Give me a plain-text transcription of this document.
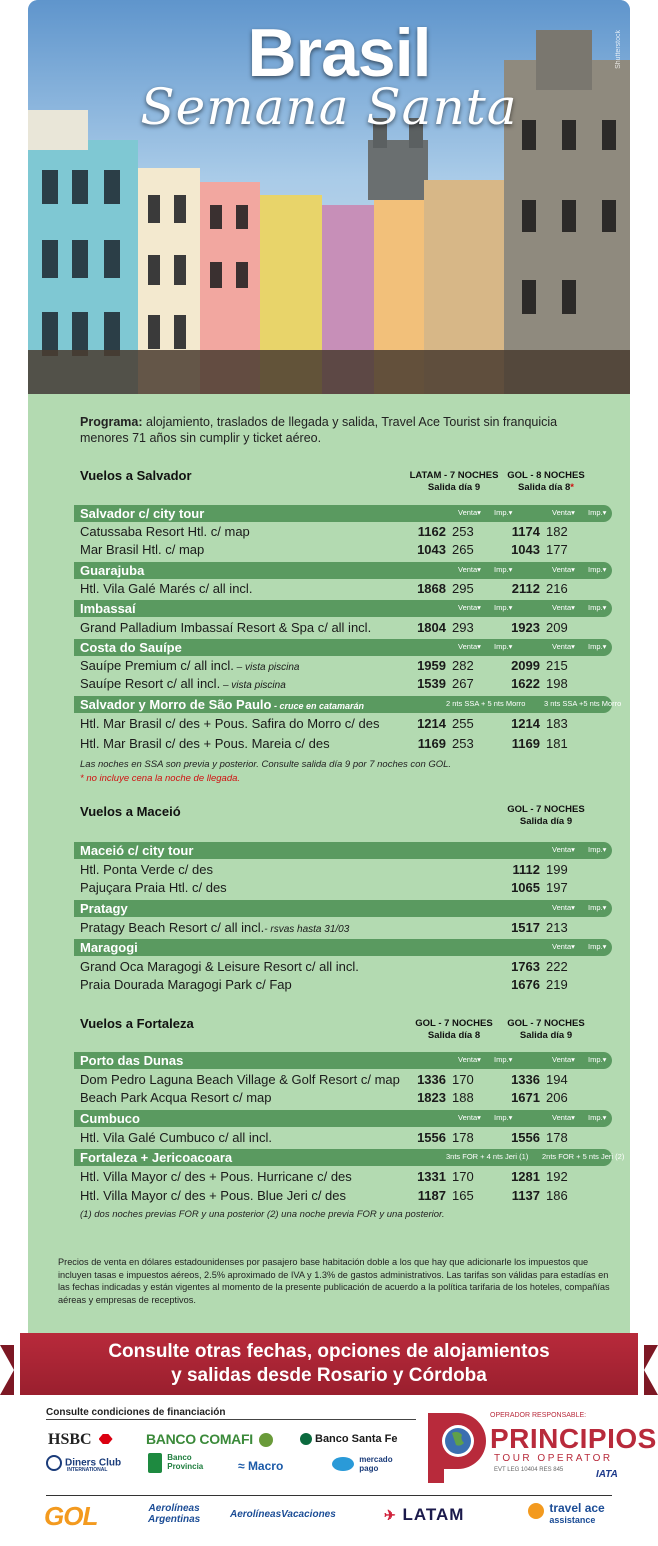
Brasil
Semana Santa
Shutterstock
Programa: alojamiento, traslados de llegada y salida, Travel Ace Tourist sin franquicia menores 71 años sin cumplir y ticket aéreo.
Vuelos a Salvador	LATAM - 7 NOCHES
Salida día 9
GOL - 8 NOCHES
Salida día 8*
Salvador c/ city tour	Venta▾ Imp.▾	Venta▾ Imp.▾
Catussaba Resort Htl. c/ map	1162 253	1174 182
Mar Brasil Htl. c/ map	1043 265	1043 177
Guarajuba	Venta▾ Imp.▾	Venta▾ Imp.▾
Htl. Vila Galé Marés c/ all incl.	1868 295	2112 216
Imbassaí	Venta▾ Imp.▾	Venta▾ Imp.▾
Grand Palladium Imbassaí Resort & Spa c/ all incl.	1804 293	1923 209
Costa do Sauípe	Venta▾ Imp.▾	Venta▾ Imp.▾
Sauípe Premium c/ all incl. – vista piscina	1959 282	2099 215
Sauípe Resort c/ all incl. – vista piscina	1539 267	1622 198
Salvador y Morro de São Paulo - cruce en catamarán	2 nts SSA + 5 nts Morro 3 nts SSA +5 nts Morro
Htl. Mar Brasil c/ des + Pous. Safira do Morro c/ des	1214 255	1214 183
Htl. Mar Brasil c/ des + Pous. Mareia c/ des	1169 253	1169 181
Las noches en SSA son previa y posterior. Consulte salida día 9 por 7 noches con GOL.
* no incluye cena la noche de llegada.
Vuelos a Maceió	GOL - 7 NOCHES
Salida día 9
Maceió c/ city tour	Venta▾ Imp.▾
Htl. Ponta Verde c/ des	1112 199
Pajuçara Praia Htl. c/ des	1065 197
Pratagy	Venta▾ Imp.▾
Pratagy Beach Resort c/ all incl.- rsvas hasta 31/03	1517 213
Maragogi	Venta▾ Imp.▾
Grand Oca Maragogi & Leisure Resort c/ all incl.	1763 222
Praia Dourada Maragogi Park c/ Fap	1676 219
Vuelos a Fortaleza	GOL - 7 NOCHES
Salida día 8
GOL - 7 NOCHES
Salida día 9
Porto das Dunas	Venta▾ Imp.▾	Venta▾ Imp.▾
Dom Pedro Laguna Beach Village & Golf Resort c/ map	1336 170	1336 194
Beach Park Acqua Resort c/ map	1823 188	1671 206
Cumbuco	Venta▾ Imp.▾	Venta▾ Imp.▾
Htl. Vila Galé Cumbuco c/ all incl.	1556 178	1556 178
Fortaleza + Jericoacoara	3nts FOR + 4 nts Jeri (1) 2nts FOR + 5 nts Jeri (2)
Htl. Villa Mayor c/ des + Pous. Hurricane c/ des	1331 170	1281 192
Htl. Villa Mayor c/ des + Pous. Blue Jeri c/ des	1187 165	1137 186
(1) dos noches previas FOR y una posterior (2) una noche previa FOR y una posterior.
Precios de venta en dólares estadounidenses por pasajero base habitación doble a los que hay que adicionarle los impuestos que incluyen tasas e impuestos aéreos, 2.5% aproximado de IVA y 1.3% de gastos administrativos. Las tarifas son válidas para estadías en las fechas indicadas y están vigentes al momento de la presente publicación de acuerdo a la política tarifaria de los hoteles, compañías aéreas y empresas de receptivos.
Consulte otras fechas, opciones de alojamientos
y salidas desde Rosario y Córdoba
Consulte condiciones de financiación
HSBC	BANCO COMAFI	Banco Santa Fe
Diners Club
INTERNATIONAL
Banco
Provincia	≈ Macro	mercado
pago
OPERADOR RESPONSABLE:
PRINCIPIOS
TOUR OPERATOR
EVT LEG 10404 RES 845	IATA
GOL	Aerolíneas
Argentinas	AerolíneasVacaciones	✈ LATAM	travel ace
assistance
